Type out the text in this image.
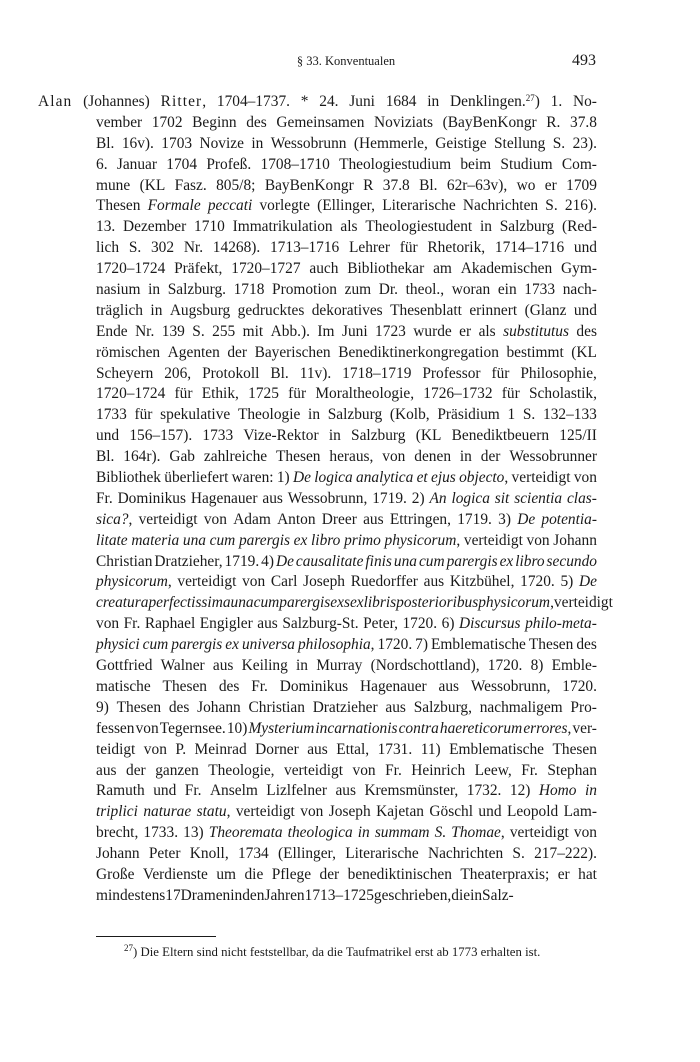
§ 33. Konventualen	493
Alan (Johannes) Ritter, 1704–1737. * 24. Juni 1684 in Denklingen.$^{27}$) 1. No-
vember 1702 Beginn des Gemeinsamen Noviziats (BayBenKongr R. 37.8
Bl. 16v). 1703 Novize in Wessobrunn (Hemmerle, Geistige Stellung S. 23).
6. Januar 1704 Profeß. 1708–1710 Theologiestudium beim Studium Com-
mune (KL Fasz. 805/8; BayBenKongr R 37.8 Bl. 62r–63v), wo er 1709
Thesen Formale peccati vorlegte (Ellinger, Literarische Nachrichten S. 216).
13. Dezember 1710 Immatrikulation als Theologiestudent in Salzburg (Red-
lich S. 302 Nr. 14268). 1713–1716 Lehrer für Rhetorik, 1714–1716 und
1720–1724 Präfekt, 1720–1727 auch Bibliothekar am Akademischen Gym-
nasium in Salzburg. 1718 Promotion zum Dr. theol., woran ein 1733 nach-
träglich in Augsburg gedrucktes dekoratives Thesenblatt erinnert (Glanz und
Ende Nr. 139 S. 255 mit Abb.). Im Juni 1723 wurde er als substitutus des
römischen Agenten der Bayerischen Benediktinerkongregation bestimmt (KL
Scheyern 206, Protokoll Bl. 11v). 1718–1719 Professor für Philosophie,
1720–1724 für Ethik, 1725 für Moraltheologie, 1726–1732 für Scholastik,
1733 für spekulative Theologie in Salzburg (Kolb, Präsidium 1 S. 132–133
und 156–157). 1733 Vize-Rektor in Salzburg (KL Benediktbeuern 125/II
Bl. 164r). Gab zahlreiche Thesen heraus, von denen in der Wessobrunner
Bibliothek überliefert waren: 1) De logica analytica et ejus objecto, verteidigt von
Fr. Dominikus Hagenauer aus Wessobrunn, 1719. 2) An logica sit scientia clas-
sica?, verteidigt von Adam Anton Dreer aus Ettringen, 1719. 3) De potentia-
litate materia una cum parergis ex libro primo physicorum, verteidigt von Johann
Christian Dratzieher, 1719. 4) De causalitate finis una cum parergis ex libro secundo
physicorum, verteidigt von Carl Joseph Ruedorffer aus Kitzbühel, 1720. 5) De
creatura perfectissima una cum parergis ex sex libris posterioribus physicorum, verteidigt
von Fr. Raphael Engigler aus Salzburg-St. Peter, 1720. 6) Discursus philo-meta-
physici cum parergis ex universa philosophia, 1720. 7) Emblematische Thesen des
Gottfried Walner aus Keiling in Murray (Nordschottland), 1720. 8) Emble-
matische Thesen des Fr. Dominikus Hagenauer aus Wessobrunn, 1720.
9) Thesen des Johann Christian Dratzieher aus Salzburg, nachmaligem Pro-
fessen von Tegernsee. 10) Mysterium incarnationis contra haereticorum errores, ver-
teidigt von P. Meinrad Dorner aus Ettal, 1731. 11) Emblematische Thesen
aus der ganzen Theologie, verteidigt von Fr. Heinrich Leew, Fr. Stephan
Ramuth und Fr. Anselm Lizlfelner aus Kremsmünster, 1732. 12) Homo in
triplici naturae statu, verteidigt von Joseph Kajetan Göschl und Leopold Lam-
brecht, 1733. 13) Theoremata theologica in summam S. Thomae, verteidigt von
Johann Peter Knoll, 1734 (Ellinger, Literarische Nachrichten S. 217–222).
Große Verdienste um die Pflege der benediktinischen Theaterpraxis; er hat
mindestens 17 Dramen in den Jahren 1713–1725 geschrieben, die in Salz-
$^{27}$) Die Eltern sind nicht feststellbar, da die Taufmatrikel erst ab 1773 erhalten ist.
